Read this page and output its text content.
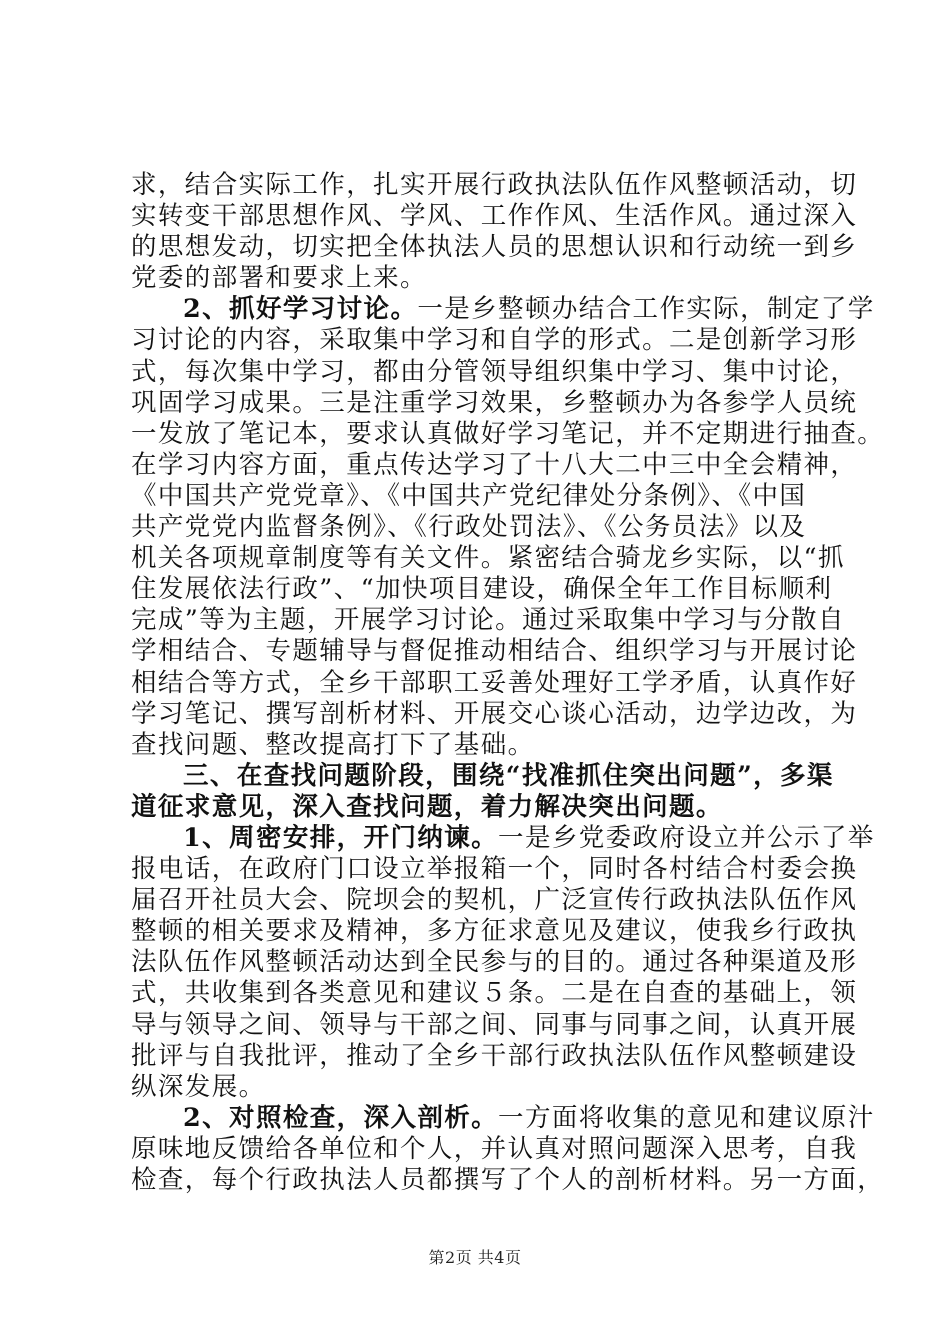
求，结合实际工作，扎实开展行政执法队伍作风整顿活动，切
实转变干部思想作风、学风、工作作风、生活作风。通过深入
的思想发动，切实把全体执法人员的思想认识和行动统一到乡
党委的部署和要求上来。
2、抓好学习讨论。一是乡整顿办结合工作实际，制定了学
习讨论的内容，采取集中学习和自学的形式。二是创新学习形
式，每次集中学习，都由分管领导组织集中学习、集中讨论，
巩固学习成果。三是注重学习效果，乡整顿办为各参学人员统
一发放了笔记本，要求认真做好学习笔记，并不定期进行抽查。
在学习内容方面，重点传达学习了十八大二中三中全会精神，
《中国共产党党章》、《中国共产党纪律处分条例》、《中国
共产党党内监督条例》、《行政处罚法》、《公务员法》以及
机关各项规章制度等有关文件。紧密结合骑龙乡实际，以“抓
住发展依法行政”、“加快项目建设，确保全年工作目标顺利
完成”等为主题，开展学习讨论。通过采取集中学习与分散自
学相结合、专题辅导与督促推动相结合、组织学习与开展讨论
相结合等方式，全乡干部职工妥善处理好工学矛盾，认真作好
学习笔记、撰写剖析材料、开展交心谈心活动，边学边改，为
查找问题、整改提高打下了基础。
三、在查找问题阶段，围绕“找准抓住突出问题”，多渠
道征求意见，深入查找问题，着力解决突出问题。
1、周密安排，开门纳谏。一是乡党委政府设立并公示了举
报电话，在政府门口设立举报箱一个，同时各村结合村委会换
届召开社员大会、院坝会的契机，广泛宣传行政执法队伍作风
整顿的相关要求及精神，多方征求意见及建议，使我乡行政执
法队伍作风整顿活动达到全民参与的目的。通过各种渠道及形
式，共收集到各类意见和建议５条。二是在自查的基础上，领
导与领导之间、领导与干部之间、同事与同事之间，认真开展
批评与自我批评，推动了全乡干部行政执法队伍作风整顿建设
纵深发展。
2、对照检查，深入剖析。一方面将收集的意见和建议原汁
原味地反馈给各单位和个人，并认真对照问题深入思考，自我
检查，每个行政执法人员都撰写了个人的剖析材料。另一方面，
第2页 共4页
